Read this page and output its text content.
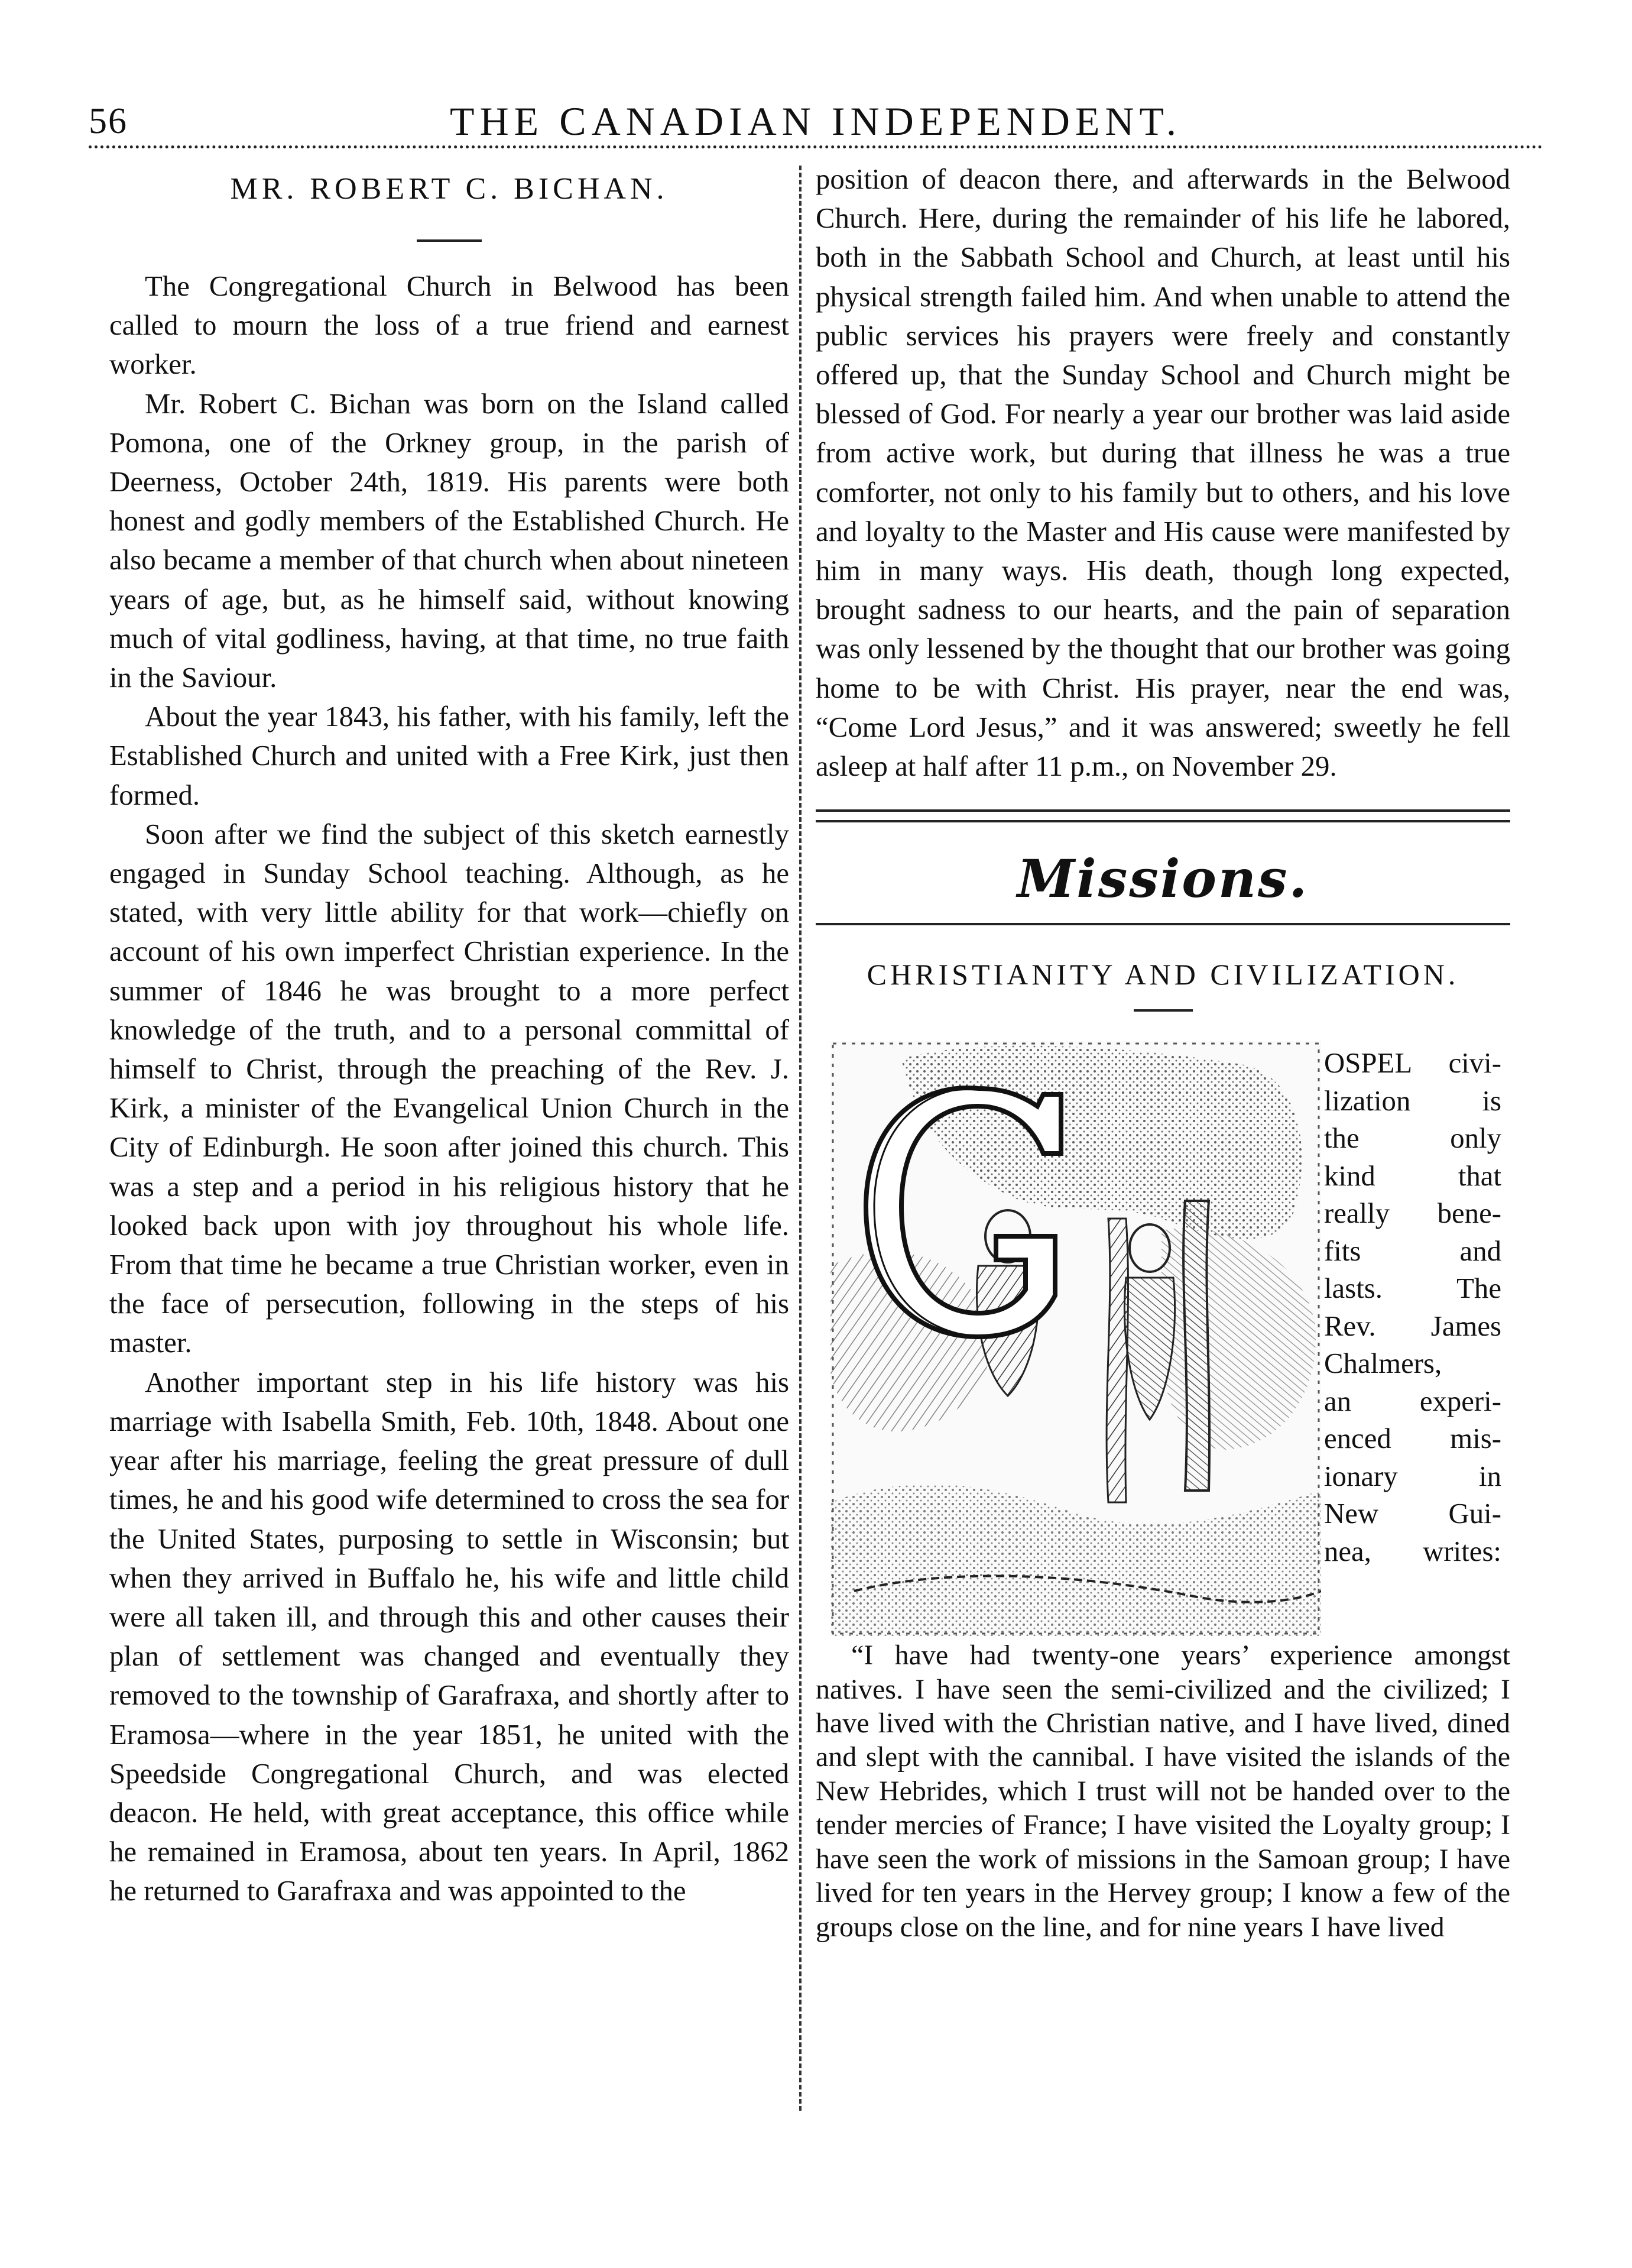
56	THE CANADIAN INDEPENDENT.
MR. ROBERT C. BICHAN.

The Congregational Church in Belwood has been called to mourn the loss of a true friend and earnest worker.

Mr. Robert C. Bichan was born on the Island called Pomona, one of the Orkney group, in the parish of Deerness, October 24th, 1819. His parents were both honest and godly members of the Established Church. He also became a member of that church when about nineteen years of age, but, as he himself said, without knowing much of vital godliness, having, at that time, no true faith in the Saviour.

About the year 1843, his father, with his family, left the Established Church and united with a Free Kirk, just then formed.

Soon after we find the subject of this sketch earnestly engaged in Sunday School teaching. Although, as he stated, with very little ability for that work—chiefly on account of his own imperfect Christian experience. In the summer of 1846 he was brought to a more perfect knowledge of the truth, and to a personal committal of himself to Christ, through the preaching of the Rev. J. Kirk, a minister of the Evangelical Union Church in the City of Edinburgh. He soon after joined this church. This was a step and a period in his religious history that he looked back upon with joy throughout his whole life. From that time he became a true Christian worker, even in the face of persecution, following in the steps of his master.

Another important step in his life history was his marriage with Isabella Smith, Feb. 10th, 1848. About one year after his marriage, feeling the great pressure of dull times, he and his good wife determined to cross the sea for the United States, purposing to settle in Wisconsin; but when they arrived in Buffalo he, his wife and little child were all taken ill, and through this and other causes their plan of settlement was changed and eventually they removed to the township of Garafraxa, and shortly after to Eramosa—where in the year 1851, he united with the Speedside Congregational Church, and was elected deacon. He held, with great acceptance, this office while he remained in Eramosa, about ten years. In April, 1862 he returned to Garafraxa and was appointed to the

position of deacon there, and afterwards in the Belwood Church. Here, during the remainder of his life he labored, both in the Sabbath School and Church, at least until his physical strength failed him. And when unable to attend the public services his prayers were freely and constantly offered up, that the Sunday School and Church might be blessed of God. For nearly a year our brother was laid aside from active work, but during that illness he was a true comforter, not only to his family but to others, and his love and loyalty to the Master and His cause were manifested by him in many ways. His death, though long expected, brought sadness to our hearts, and the pain of separation was only lessened by the thought that our brother was going home to be with Christ. His prayer, near the end was, “Come Lord Jesus,” and it was answered; sweetly he fell asleep at half after 11 p.m., on November 29.

Missions.
CHRISTIANITY AND CIVILIZATION.
OSPEL civi-
lization is
the only
kind that
really bene-
fits and
lasts. The
Rev. James
Chalmers,
an experi-
enced mis-
ionary in
New Gui-
nea, writes:

“I have had twenty-one years’ experience amongst natives. I have seen the semi-civilized and the civilized; I have lived with the Christian native, and I have lived, dined and slept with the cannibal. I have visited the islands of the New Hebrides, which I trust will not be handed over to the tender mercies of France; I have visited the Loyalty group; I have seen the work of missions in the Samoan group; I have lived for ten years in the Hervey group; I know a few of the groups close on the line, and for nine years I have lived
